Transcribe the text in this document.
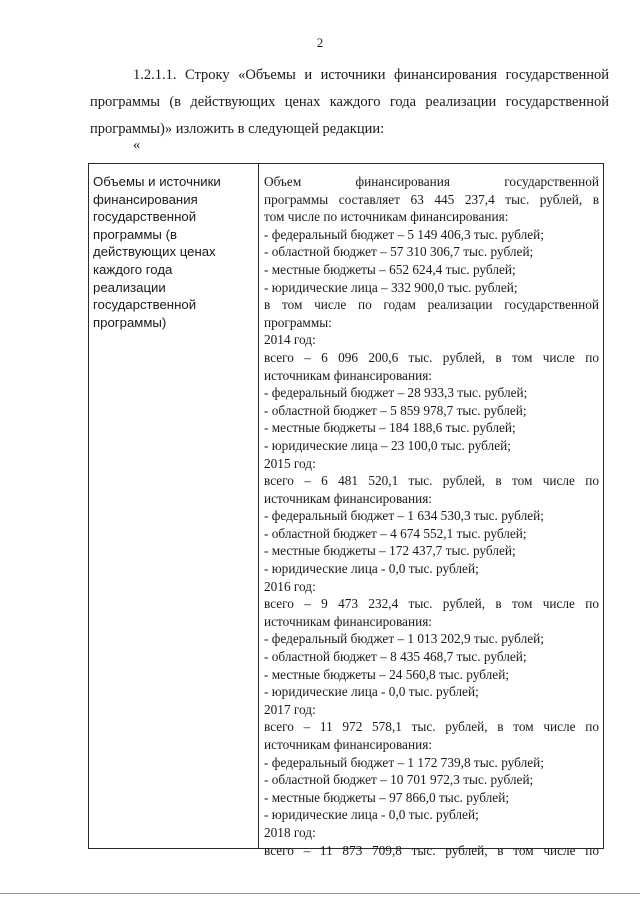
2

1.2.1.1. Строку «Объемы и источники финансирования государственной программы (в действующих ценах каждого года реализации государственной программы)» изложить в следующей редакции:

«
Объемы и источники
финансирования
государственной
программы (в
действующих ценах
каждого года
реализации
государственной
программы)
Объем финансирования государственной
программы составляет 63 445 237,4 тыс. рублей, в
том числе по источникам финансирования:
- федеральный бюджет – 5 149 406,3 тыс. рублей;
- областной бюджет – 57 310 306,7 тыс. рублей;
- местные бюджеты – 652 624,4 тыс. рублей;
- юридические лица – 332 900,0 тыс. рублей;
в том числе по годам реализации государственной
программы:
2014 год:
всего – 6 096 200,6 тыс. рублей, в том числе по
источникам финансирования:
- федеральный бюджет – 28 933,3 тыс. рублей;
- областной бюджет – 5 859 978,7 тыс. рублей;
- местные бюджеты – 184 188,6 тыс. рублей;
- юридические лица – 23 100,0 тыс. рублей;
2015 год:
всего – 6 481 520,1 тыс. рублей, в том числе по
источникам финансирования:
- федеральный бюджет – 1 634 530,3 тыс. рублей;
- областной бюджет – 4 674 552,1 тыс. рублей;
- местные бюджеты – 172 437,7 тыс. рублей;
- юридические лица - 0,0 тыс. рублей;
2016 год:
всего – 9 473 232,4 тыс. рублей, в том числе по
источникам финансирования:
- федеральный бюджет – 1 013 202,9 тыс. рублей;
- областной бюджет – 8 435 468,7 тыс. рублей;
- местные бюджеты – 24 560,8 тыс. рублей;
- юридические лица - 0,0 тыс. рублей;
2017 год:
всего – 11 972 578,1 тыс. рублей, в том числе по
источникам финансирования:
- федеральный бюджет – 1 172 739,8 тыс. рублей;
- областной бюджет – 10 701 972,3 тыс. рублей;
- местные бюджеты – 97 866,0 тыс. рублей;
- юридические лица - 0,0 тыс. рублей;
2018 год:
всего – 11 873 709,8 тыс. рублей, в том числе по
